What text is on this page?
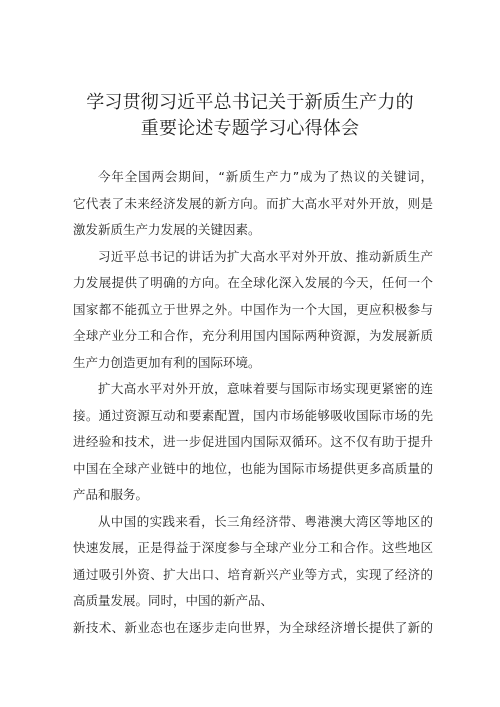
学习贯彻习近平总书记关于新质生产力的
重要论述专题学习心得体会
今年全国两会期间，“新质生产力”成为了热议的关键词，
它代表了未来经济发展的新方向。而扩大高水平对外开放，则是
激发新质生产力发展的关键因素。
习近平总书记的讲话为扩大高水平对外开放、推动新质生产
力发展提供了明确的方向。在全球化深入发展的今天，任何一个
国家都不能孤立于世界之外。中国作为一个大国，更应积极参与
全球产业分工和合作，充分利用国内国际两种资源，为发展新质
生产力创造更加有利的国际环境。
扩大高水平对外开放，意味着要与国际市场实现更紧密的连
接。通过资源互动和要素配置，国内市场能够吸收国际市场的先
进经验和技术，进一步促进国内国际双循环。这不仅有助于提升
中国在全球产业链中的地位，也能为国际市场提供更多高质量的
产品和服务。
从中国的实践来看，长三角经济带、粤港澳大湾区等地区的
快速发展，正是得益于深度参与全球产业分工和合作。这些地区
通过吸引外资、扩大出口、培育新兴产业等方式，实现了经济的
高质量发展。同时，中国的新产品、
新技术、新业态也在逐步走向世界，为全球经济增长提供了新的
